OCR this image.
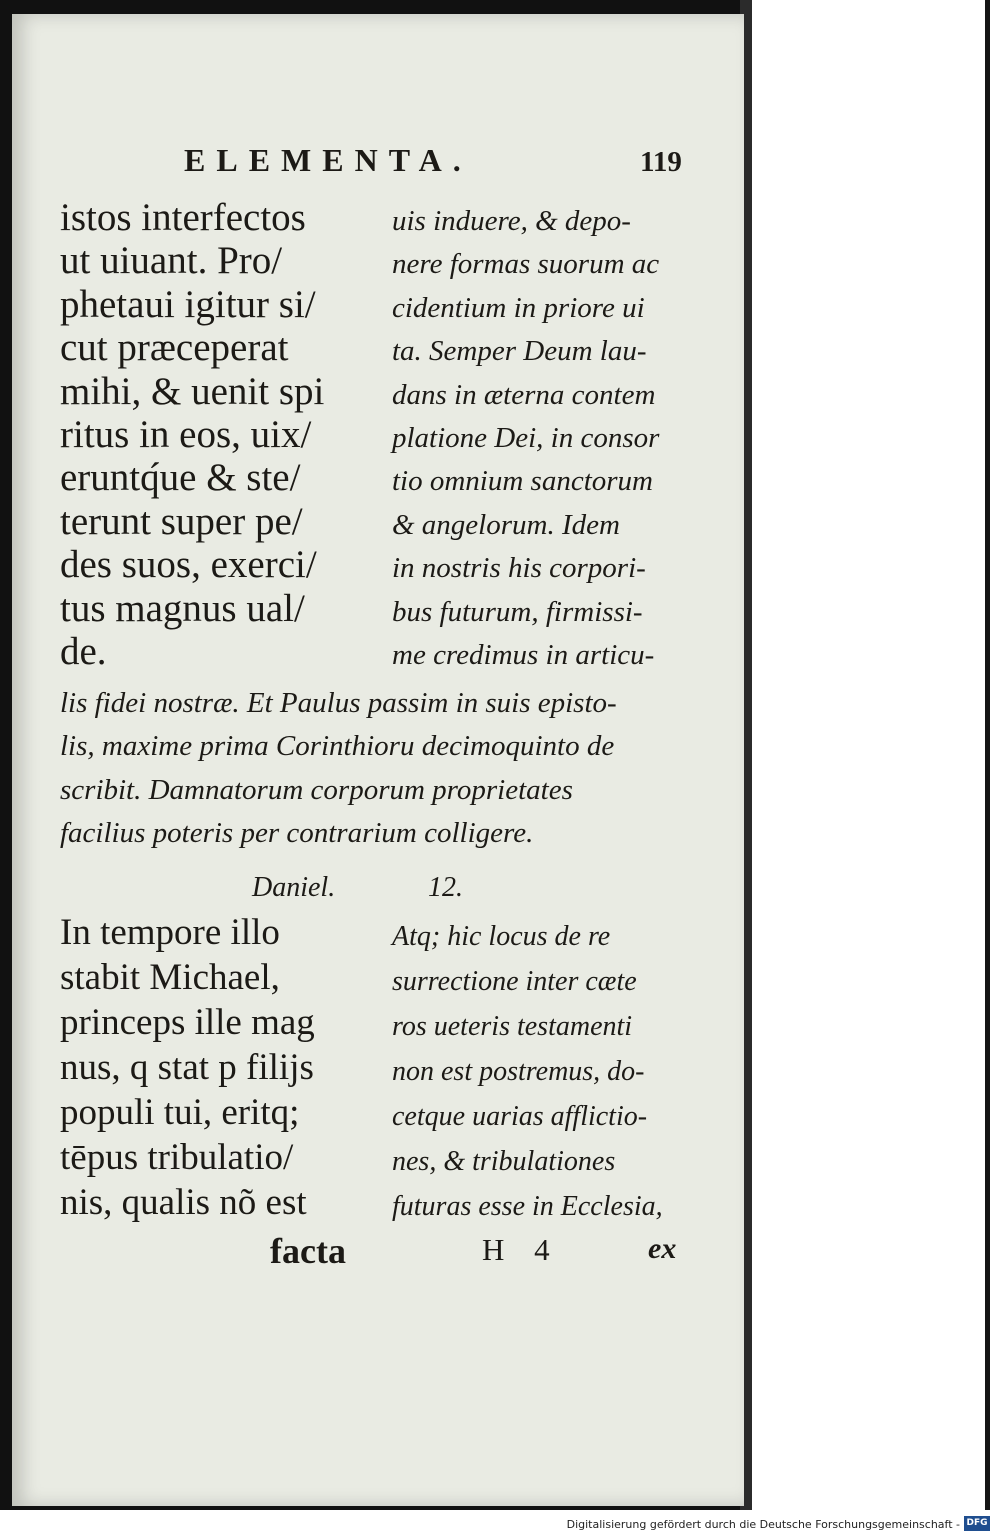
ELEMENTA.	119
istos interfectos
ut uiuant. Pro/
phetaui igitur si/
cut præceperat
mihi, & uenit spi
ritus in eos, uix/
eruntq́ue & ste/
terunt super pe/
des suos, exerci/
tus magnus ual/
de.
uis induere, & depo-
nere formas suorum ac
cidentium in priore ui
ta. Semper Deum lau-
dans in æterna contem
platione Dei, in consor
tio omnium sanctorum
& angelorum. Idem
in nostris his corpori-
bus futurum, firmissi-
me credimus in articu-
lis fidei nostræ. Et Paulus passim in suis episto-
lis, maxime prima Corinthioru decimoquinto de
scribit. Damnatorum corporum proprietates
facilius poteris per contrarium colligere.
Daniel.	12.
In tempore illo
stabit Michael,
princeps ille mag
nus, q stat p filijs
populi tui, eritq;
tēpus tribulatio/
nis, qualis nõ est
Atq; hic locus de re
surrectione inter cæte
ros ueteris testamenti
non est postremus, do-
cetque uarias afflictio-
nes, & tribulationes
futuras esse in Ecclesia,
facta	H 4	ex
Digitalisierung gefördert durch die Deutsche Forschungsgemeinschaft - DFG
